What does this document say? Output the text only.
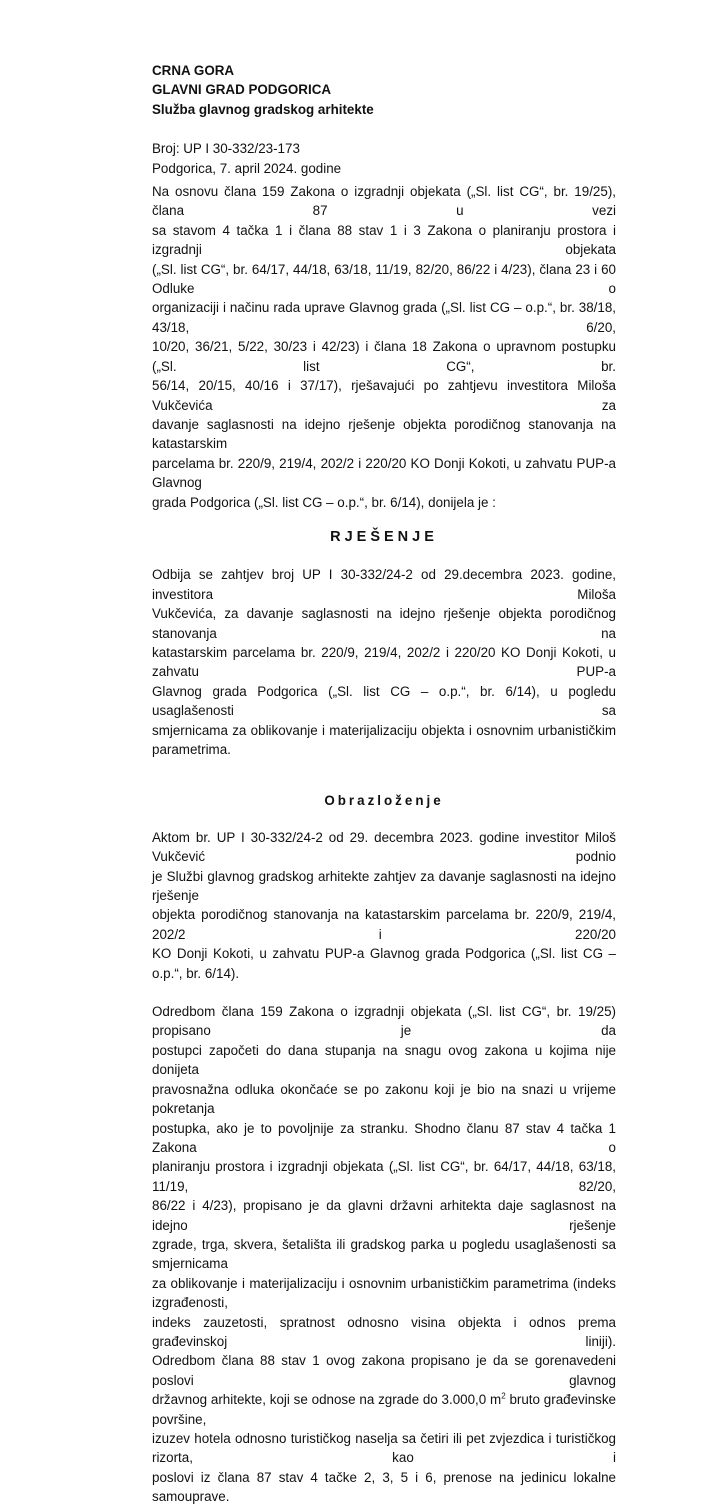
CRNA GORA
GLAVNI GRAD PODGORICA
Služba glavnog gradskog arhitekte
Broj: UP I 30-332/23-173
Podgorica, 7. april 2024. godine
Na osnovu člana 159 Zakona o izgradnji objekata („Sl. list CG“, br. 19/25), člana 87 u vezi
sa stavom 4 tačka 1 i člana 88 stav 1 i 3 Zakona o planiranju prostora i izgradnji objekata
(„Sl. list CG“, br. 64/17, 44/18, 63/18, 11/19, 82/20, 86/22 i 4/23), člana 23 i 60 Odluke o
organizaciji i načinu rada uprave Glavnog grada („Sl. list CG – o.p.“, br. 38/18, 43/18, 6/20,
10/20, 36/21, 5/22, 30/23 i 42/23) i člana 18 Zakona o upravnom postupku („Sl. list CG“, br.
56/14, 20/15, 40/16 i 37/17), rješavajući po zahtjevu investitora Miloša Vukčevića za
davanje saglasnosti na idejno rješenje objekta porodičnog stanovanja na katastarskim
parcelama br. 220/9, 219/4, 202/2 i 220/20 KO Donji Kokoti, u zahvatu PUP-a Glavnog
grada Podgorica („Sl. list CG – o.p.“, br. 6/14), donijela je :
RJEŠENJE
Odbija se zahtjev broj UP I 30-332/24-2 od 29.decembra 2023. godine, investitora Miloša
Vukčevića, za davanje saglasnosti na idejno rješenje objekta porodičnog stanovanja na
katastarskim parcelama br. 220/9, 219/4, 202/2 i 220/20 KO Donji Kokoti, u zahvatu PUP-a
Glavnog grada Podgorica („Sl. list CG – o.p.“, br. 6/14), u pogledu usaglašenosti sa
smjernicama za oblikovanje i materijalizaciju objekta i osnovnim urbanističkim parametrima.
Obrazloženje
Aktom br. UP I 30-332/24-2 od 29. decembra 2023. godine investitor Miloš Vukčević podnio
je Službi glavnog gradskog arhitekte zahtjev za davanje saglasnosti na idejno rješenje
objekta porodičnog stanovanja na katastarskim parcelama br. 220/9, 219/4, 202/2 i 220/20
KO Donji Kokoti, u zahvatu PUP-a Glavnog grada Podgorica („Sl. list CG – o.p.“, br. 6/14).
Odredbom člana 159 Zakona o izgradnji objekata („Sl. list CG“, br. 19/25) propisano je da
postupci započeti do dana stupanja na snagu ovog zakona u kojima nije donijeta
pravosnažna odluka okončaće se po zakonu koji je bio na snazi u vrijeme pokretanja
postupka, ako je to povoljnije za stranku. Shodno članu 87 stav 4 tačka 1 Zakona o
planiranju prostora i izgradnji objekata („Sl. list CG“, br. 64/17, 44/18, 63/18, 11/19, 82/20,
86/22 i 4/23), propisano je da glavni državni arhitekta daje saglasnost na idejno rješenje
zgrade, trga, skvera, šetališta ili gradskog parka u pogledu usaglašenosti sa smjernicama
za oblikovanje i materijalizaciju i osnovnim urbanističkim parametrima (indeks izgrađenosti,
indeks zauzetosti, spratnost odnosno visina objekta i odnos prema građevinskoj liniji).
Odredbom člana 88 stav 1 ovog zakona propisano je da se gorenavedeni poslovi glavnog
državnog arhitekte, koji se odnose na zgrade do 3.000,0 $m^2$ bruto građevinske površine,
izuzev hotela odnosno turističkog naselja sa četiri ili pet zvjezdica i turističkog rizorta, kao i
poslovi iz člana 87 stav 4 tačke 2, 3, 5 i 6, prenose na jedinicu lokalne samouprave.
